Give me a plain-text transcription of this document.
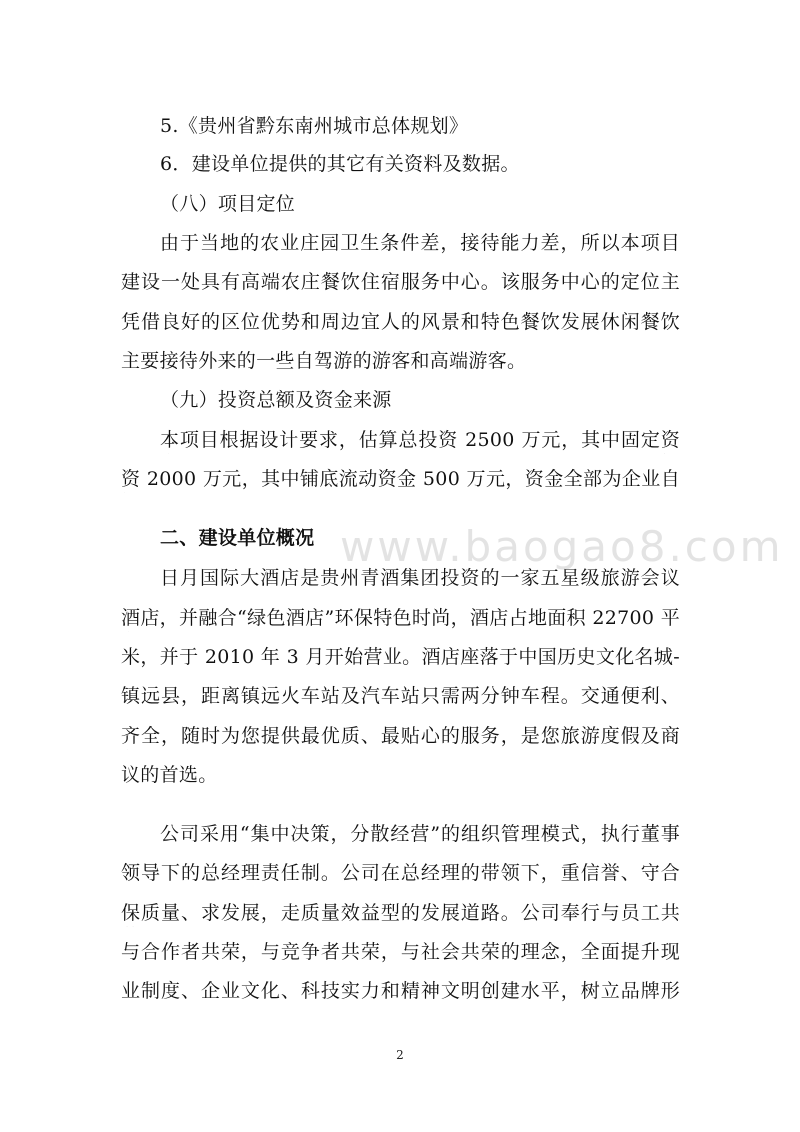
www.baogao8.com
5.《贵州省黔东南州城市总体规划》
6．建设单位提供的其它有关资料及数据。
（八）项目定位
由于当地的农业庄园卫生条件差，接待能力差，所以本项目
建设一处具有高端农庄餐饮住宿服务中心。该服务中心的定位主
凭借良好的区位优势和周边宜人的风景和特色餐饮发展休闲餐饮
主要接待外来的一些自驾游的游客和高端游客。
（九）投资总额及资金来源
本项目根据设计要求，估算总投资 2500 万元，其中固定资
资 2000 万元，其中铺底流动资金 500 万元，资金全部为企业自
二、建设单位概况
日月国际大酒店是贵州青酒集团投资的一家五星级旅游会议
酒店，并融合“绿色酒店”环保特色时尚，酒店占地面积 22700 平
米，并于 2010 年 3 月开始营业。酒店座落于中国历史文化名城-
镇远县，距离镇远火车站及汽车站只需两分钟车程。交通便利、
齐全，随时为您提供最优质、最贴心的服务，是您旅游度假及商
议的首选。
公司采用“集中决策，分散经营”的组织管理模式，执行董事
领导下的总经理责任制。公司在总经理的带领下，重信誉、守合
保质量、求发展，走质量效益型的发展道路。公司奉行与员工共
与合作者共荣，与竞争者共荣，与社会共荣的理念，全面提升现
业制度、企业文化、科技实力和精神文明创建水平，树立品牌形
2
